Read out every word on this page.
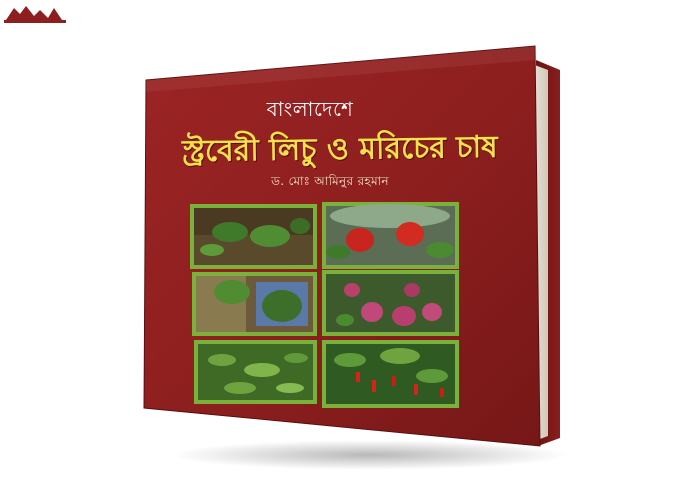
বাংলাদেশে
স্ট্রবেরী লিচু ও মরিচের চাষ
ড. মোঃ আমিনুর রহমান
